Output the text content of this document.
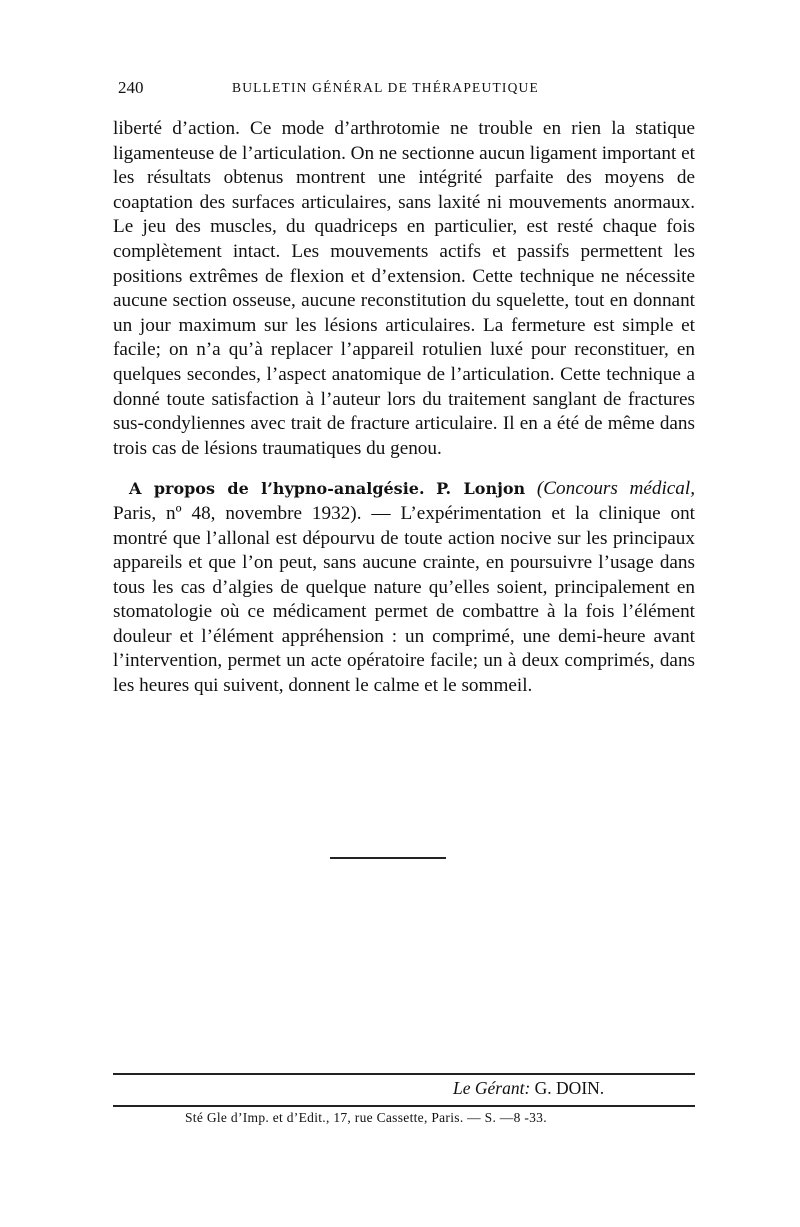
240	BULLETIN GÉNÉRAL DE THÉRAPEUTIQUE

liberté d’action. Ce mode d’arthrotomie ne trouble en rien la statique ligamenteuse de l’articulation. On ne sectionne aucun ligament important et les résultats obtenus montrent une intégrité parfaite des moyens de coaptation des surfaces articulaires, sans laxité ni mouvements anormaux. Le jeu des muscles, du quadriceps en particulier, est resté chaque fois complètement intact. Les mouvements actifs et passifs permettent les positions extrêmes de flexion et d’extension. Cette technique ne nécessite aucune section osseuse, aucune reconstitution du squelette, tout en donnant un jour maximum sur les lésions articulaires. La fermeture est simple et facile; on n’a qu’à replacer l’appareil rotulien luxé pour reconstituer, en quelques secondes, l’aspect anatomique de l’articulation. Cette technique a donné toute satisfaction à l’auteur lors du traitement sanglant de fractures sus-condyliennes avec trait de fracture articulaire. Il en a été de même dans trois cas de lésions traumatiques du genou.

A propos de l’hypno-analgésie. P. Lonjon (Concours médical, Paris, nº 48, novembre 1932). — L’expérimentation et la clinique ont montré que l’allonal est dépourvu de toute action nocive sur les principaux appareils et que l’on peut, sans aucune crainte, en poursuivre l’usage dans tous les cas d’algies de quelque nature qu’elles soient, principalement en stomatologie où ce médicament permet de combattre à la fois l’élément douleur et l’élément appréhension : un comprimé, une demi-heure avant l’intervention, permet un acte opératoire facile; un à deux comprimés, dans les heures qui suivent, donnent le calme et le sommeil.

Le Gérant: G. DOIN.
Sté Gle d’Imp. et d’Edit., 17, rue Cassette, Paris. — S. —8 -33.
